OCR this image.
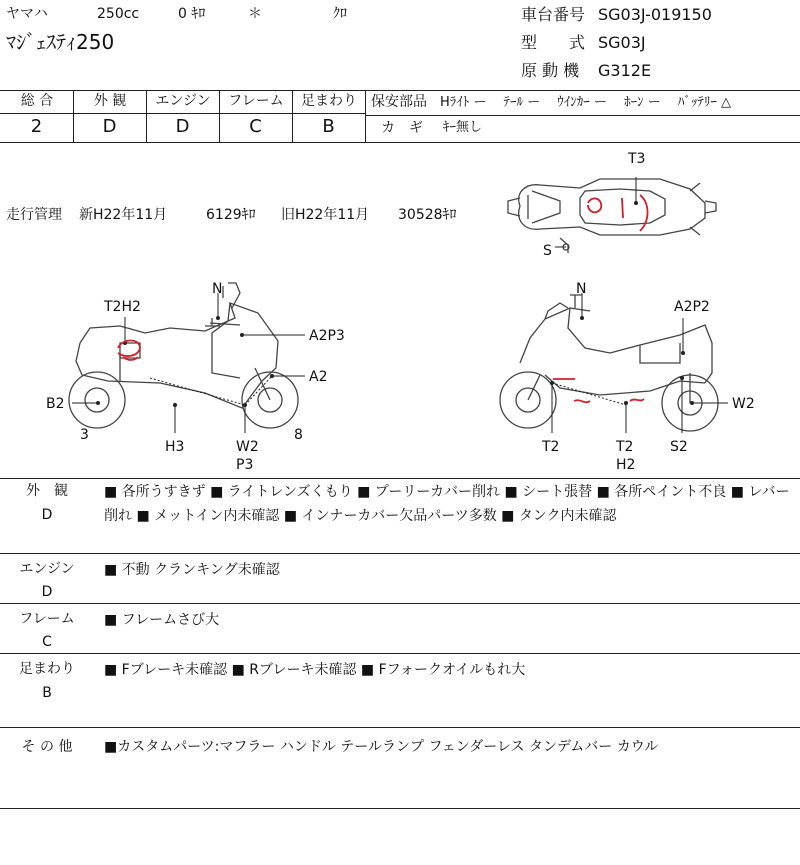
ヤマハ	250cc	0 ｷﾛ	＊	ｸﾛ
ﾏｼﾞｪｽﾃｨ250
車台番号 SG03J-019150
型　　式 SG03J
原 動 機 G312E
総 合	外 観	エンジン	フレーム	足まわり
2	D	D	C	B
保安部品 Hﾗｲﾄ ー　 ﾃｰﾙ ー　 ｳｲﾝｶｰ ー　 ﾎｰﾝ ー　 ﾊﾞｯﾃﾘｰ △
カ　ギ ｷｰ無し
走行管理 新H22年11月	6129ｷﾛ 旧H22年11月 30528ｷﾛ
T3
S
N
T2H2
A2P3
A2
B2
3
H3	W2
P3
8
N
A2P2
W2
T2	T2
H2
S2
外　観
D
■ 各所うすきず ■ ライトレンズくもり ■ プーリーカバー削れ ■ シート張替 ■ 各所ペイント不良 ■ レバー削れ ■ メットイン内未確認 ■ インナーカバー欠品パーツ多数 ■ タンク内未確認
エンジン
D
■ 不動 クランキング未確認
フレーム
C
■ フレームさび大
足まわり
B
■ Fブレーキ未確認 ■ Rブレーキ未確認 ■ Fフォークオイルもれ大
そ の 他	■カスタムパーツ:マフラー ハンドル テールランプ フェンダーレス タンデムバー カウル
